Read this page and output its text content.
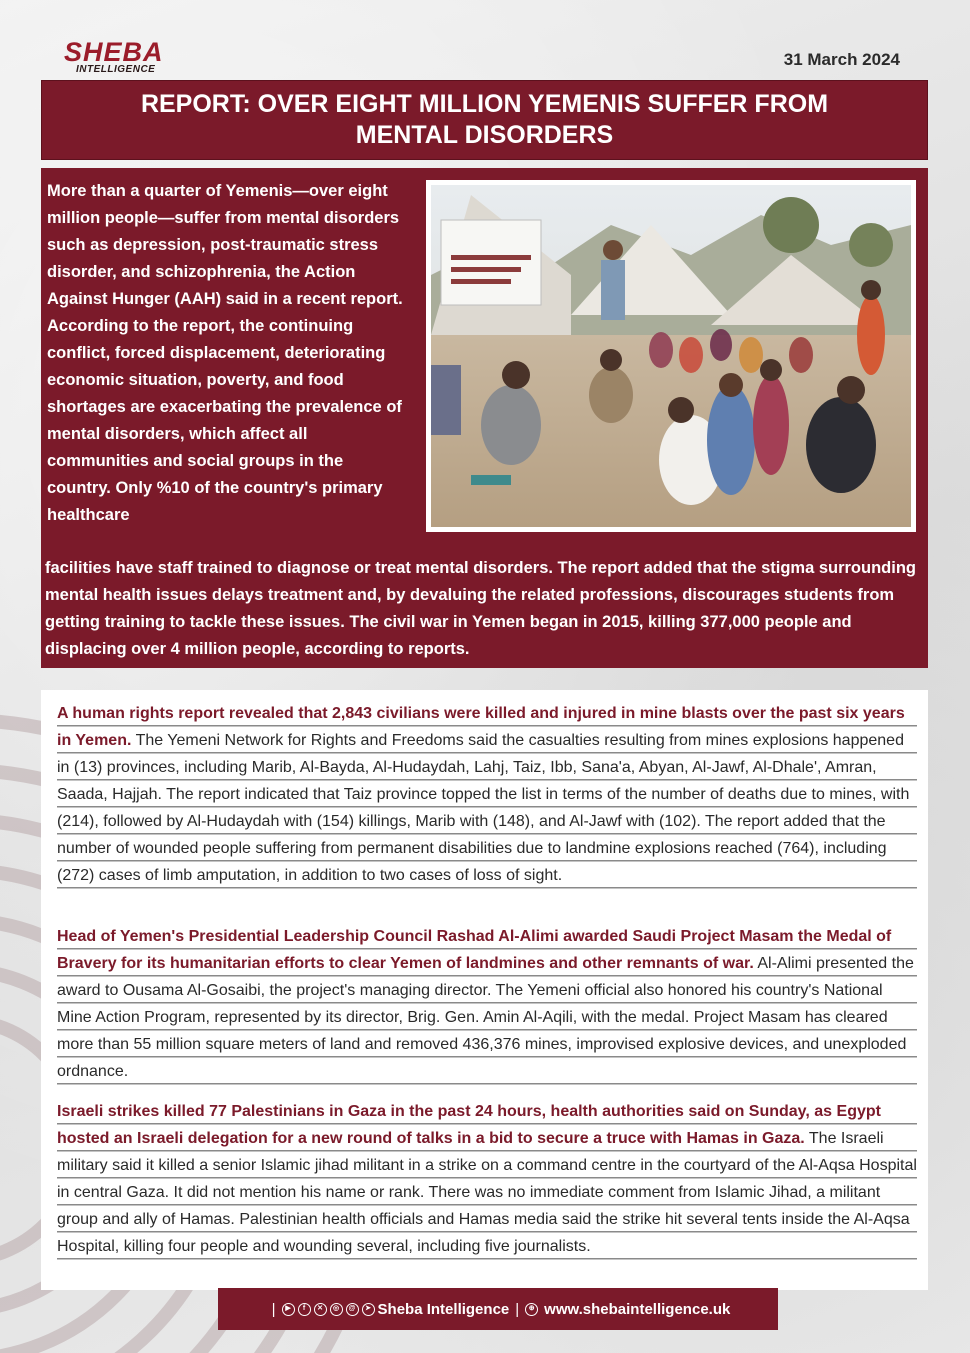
SHEBA
INTELLIGENCE
31 March 2024
REPORT: OVER EIGHT MILLION YEMENIS SUFFER FROM MENTAL DISORDERS
More than a quarter of Yemenis—over eight million people—suffer from mental disorders such as depression, post-traumatic stress disorder, and schizophrenia, the Action Against Hunger (AAH) said in a recent report. According to the report, the continuing conflict, forced displacement, deteriorating economic situation, poverty, and food shortages are exacerbating the prevalence of mental disorders, which affect all communities and social groups in the country. Only %10 of the country's primary healthcare
facilities have staff trained to diagnose or treat mental disorders. The report added that the stigma surrounding mental health issues delays treatment and, by devaluing the related professions, discourages students from getting training to tackle these issues. The civil war in Yemen began in 2015, killing 377,000 people and displacing over 4 million people, according to reports.

A human rights report revealed that 2,843 civilians were killed and injured in mine blasts over the past six years in Yemen. The Yemeni Network for Rights and Freedoms said the casualties resulting from mines explosions happened in (13) provinces, including Marib, Al-Bayda, Al-Hudaydah, Lahj, Taiz, Ibb, Sana'a, Abyan, Al-Jawf, Al-Dhale', Amran, Saada, Hajjah. The report indicated that Taiz province topped the list in terms of the number of deaths due to mines, with (214), followed by Al-Hudaydah with (154) killings, Marib with (148), and Al-Jawf with (102). The report added that the number of wounded people suffering from permanent disabilities due to landmine explosions reached (764), including (272) cases of limb amputation, in addition to two cases of loss of sight.

Head of Yemen's Presidential Leadership Council Rashad Al-Alimi awarded Saudi Project Masam the Medal of Bravery for its humanitarian efforts to clear Yemen of landmines and other remnants of war. Al-Alimi presented the award to Ousama Al-Gosaibi, the project's managing director. The Yemeni official also honored his country's National Mine Action Program, represented by its director, Brig. Gen. Amin Al-Aqili, with the medal. Project Masam has cleared more than 55 million square meters of land and removed 436,376 mines, improvised explosive devices, and unexploded ordnance.

Israeli strikes killed 77 Palestinians in Gaza in the past 24 hours, health authorities said on Sunday, as Egypt hosted an Israeli delegation for a new round of talks in a bid to secure a truce with Hamas in Gaza. The Israeli military said it killed a senior Islamic jihad militant in a strike on a command centre in the courtyard of the Al-Aqsa Hospital in central Gaza. It did not mention his name or rank. There was no immediate comment from Islamic Jihad, a militant group and ally of Hamas. Palestinian health officials and Hamas media said the strike hit several tents inside the Al-Aqsa Hospital, killing four people and wounding several, including five journalists.

|	▶	f	✕	◎	@	➤ Sheba Intelligence |	⊕ www.shebaintelligence.uk
